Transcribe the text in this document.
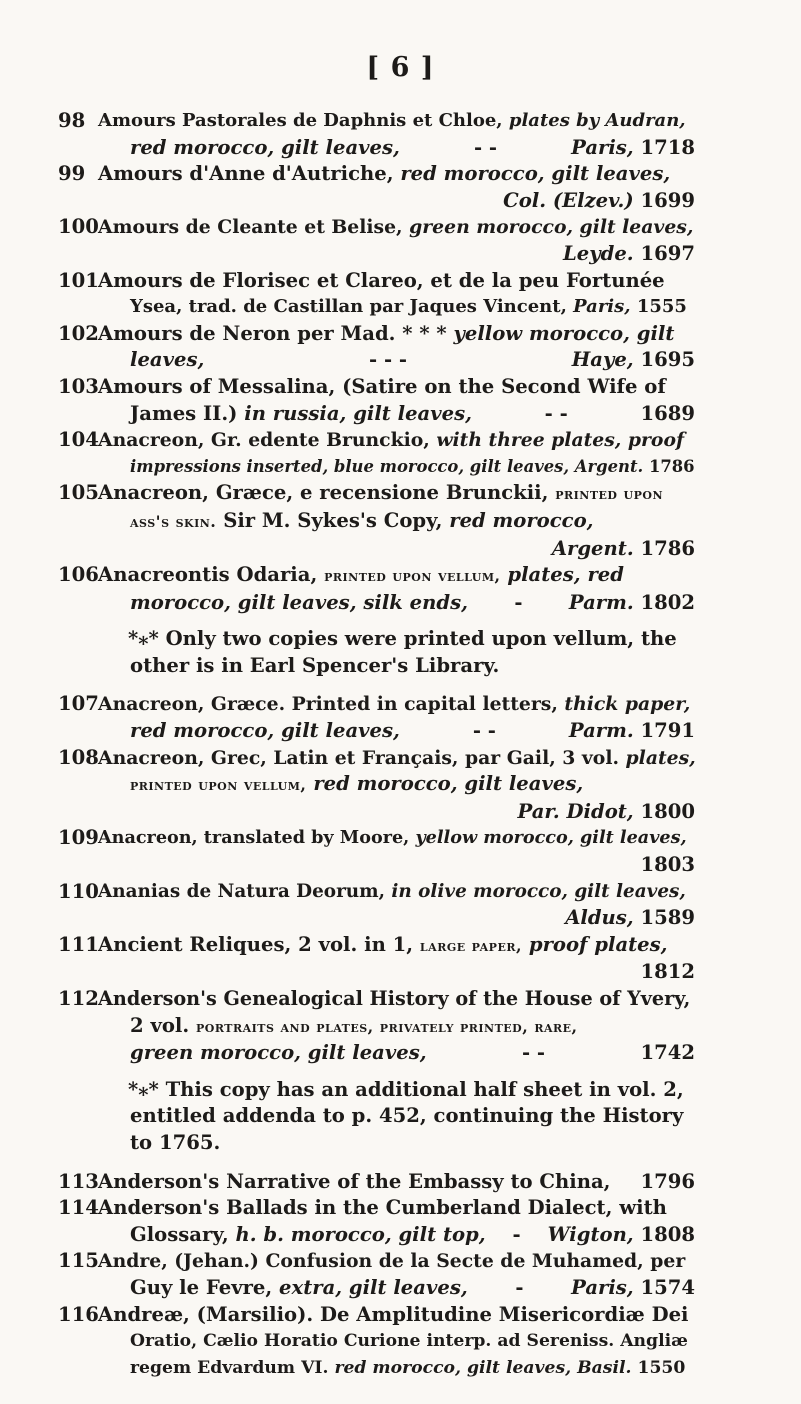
[ 6 ]
98 Amours Pastorales de Daphnis et Chloe, plates by Audran,
red morocco, gilt leaves,	- -	Paris, 1718
99 Amours d'Anne d'Autriche, red morocco, gilt leaves,
Col. (Elzev.) 1699
100 Amours de Cleante et Belise, green morocco, gilt leaves,
Leyde. 1697
101 Amours de Florisec et Clareo, et de la peu Fortunée
Ysea, trad. de Castillan par Jaques Vincent, Paris, 1555
102 Amours de Neron per Mad. * * * yellow morocco, gilt
leaves,	- - -	Haye, 1695
103 Amours of Messalina, (Satire on the Second Wife of
James II.) in russia, gilt leaves,	- -	1689
104 Anacreon, Gr. edente Brunckio, with three plates, proof
impressions inserted, blue morocco, gilt leaves, Argent. 1786
105 Anacreon, Græce, e recensione Brunckii, printed upon
ass's skin. Sir M. Sykes's Copy, red morocco,
Argent. 1786
106 Anacreontis Odaria, printed upon vellum, plates, red
morocco, gilt leaves, silk ends, - Parm. 1802
*⁎* Only two copies were printed upon vellum, the
other is in Earl Spencer's Library.
107 Anacreon, Græce. Printed in capital letters, thick paper,
red morocco, gilt leaves,	- -	Parm. 1791
108 Anacreon, Grec, Latin et Français, par Gail, 3 vol. plates,
printed upon vellum, red morocco, gilt leaves,
Par. Didot, 1800
109 Anacreon, translated by Moore, yellow morocco, gilt leaves,
1803
110 Ananias de Natura Deorum, in olive morocco, gilt leaves,
Aldus, 1589
111 Ancient Reliques, 2 vol. in 1, large paper, proof plates,
1812
112 Anderson's Genealogical History of the House of Yvery,
2 vol. portraits and plates, privately printed, rare,
green morocco, gilt leaves,	- -	1742
*⁎* This copy has an additional half sheet in vol. 2,
entitled addenda to p. 452, continuing the History
to 1765.
113 Anderson's Narrative of the Embassy to China, 1796
114 Anderson's Ballads in the Cumberland Dialect, with
Glossary, h. b. morocco, gilt top, - Wigton, 1808
115 Andre, (Jehan.) Confusion de la Secte de Muhamed, per
Guy le Fevre, extra, gilt leaves, - Paris, 1574
116 Andreæ, (Marsilio). De Amplitudine Misericordiæ Dei
Oratio, Cælio Horatio Curione interp. ad Sereniss. Angliæ
regem Edvardum VI. red morocco, gilt leaves, Basil. 1550
